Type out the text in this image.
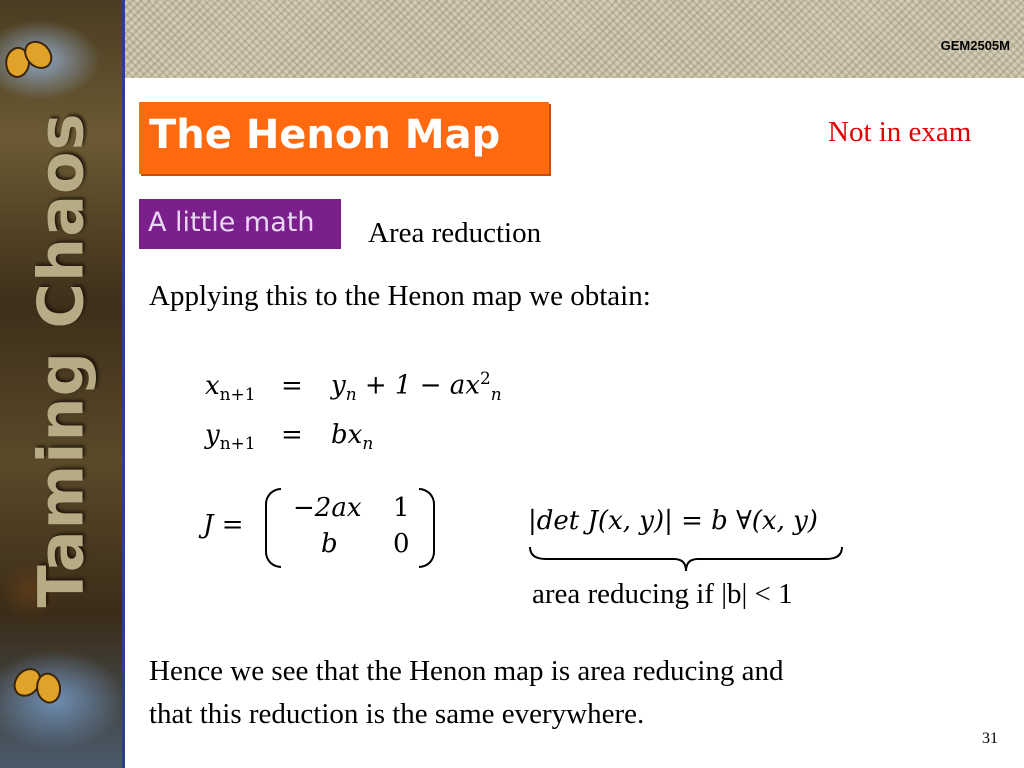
Taming Chaos
GEM2505M
The Henon Map	Not in exam
A little math Area reduction
Applying this to the Henon map we obtain:
$x_{n+1} = y_n + 1 - ax^2_n$
$y_{n+1} = bx_n$
J =
−2ax 1
b 0
|det J(x, y)| = b ∀(x, y)
area reducing if |b| < 1
Hence we see that the Henon map is area reducing and
that this reduction is the same everywhere.
31
